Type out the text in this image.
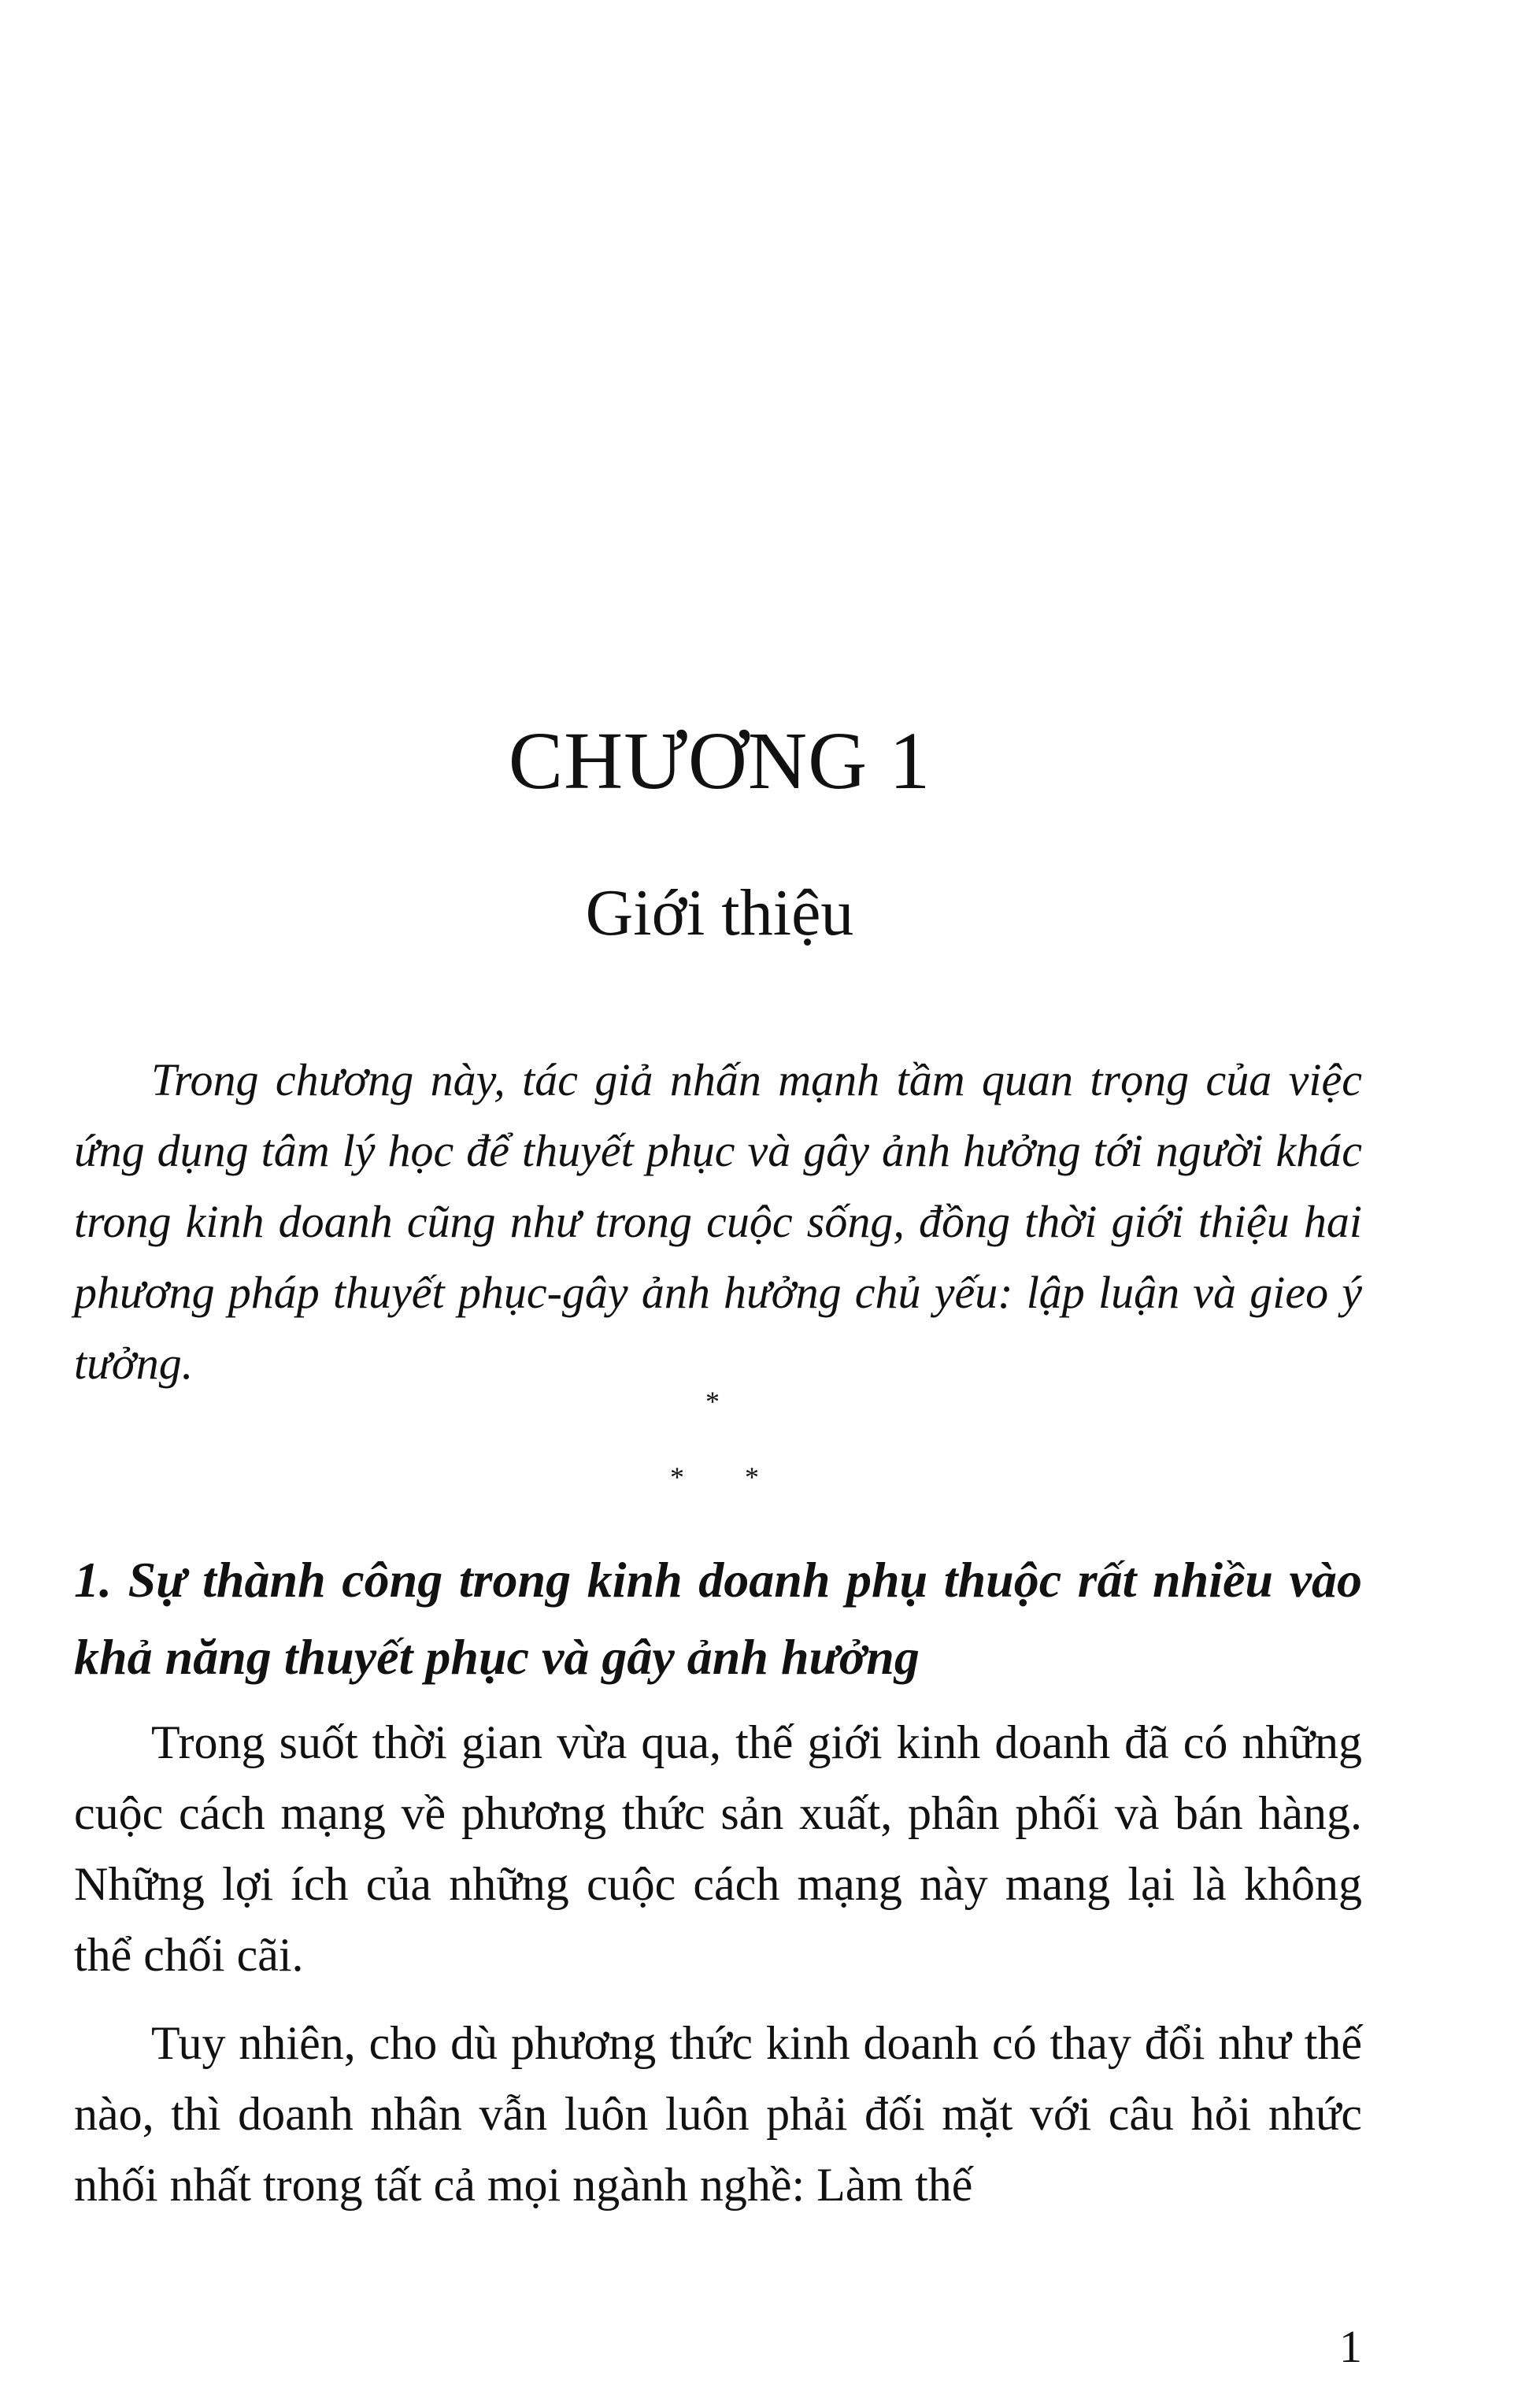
CHƯƠNG 1
Giới thiệu

Trong chương này, tác giả nhấn mạnh tầm quan trọng của việc ứng dụng tâm lý học để thuyết phục và gây ảnh hưởng tới người khác trong kinh doanh cũng như trong cuộc sống, đồng thời giới thiệu hai phương pháp thuyết phục-gây ảnh hưởng chủ yếu: lập luận và gieo ý tưởng.

*
* *

1. Sự thành công trong kinh doanh phụ thuộc rất nhiều vào khả năng thuyết phục và gây ảnh hưởng

Trong suốt thời gian vừa qua, thế giới kinh doanh đã có những cuộc cách mạng về phương thức sản xuất, phân phối và bán hàng. Những lợi ích của những cuộc cách mạng này mang lại là không thể chối cãi.

Tuy nhiên, cho dù phương thức kinh doanh có thay đổi như thế nào, thì doanh nhân vẫn luôn luôn phải đối mặt với câu hỏi nhức nhối nhất trong tất cả mọi ngành nghề: Làm thế

1
